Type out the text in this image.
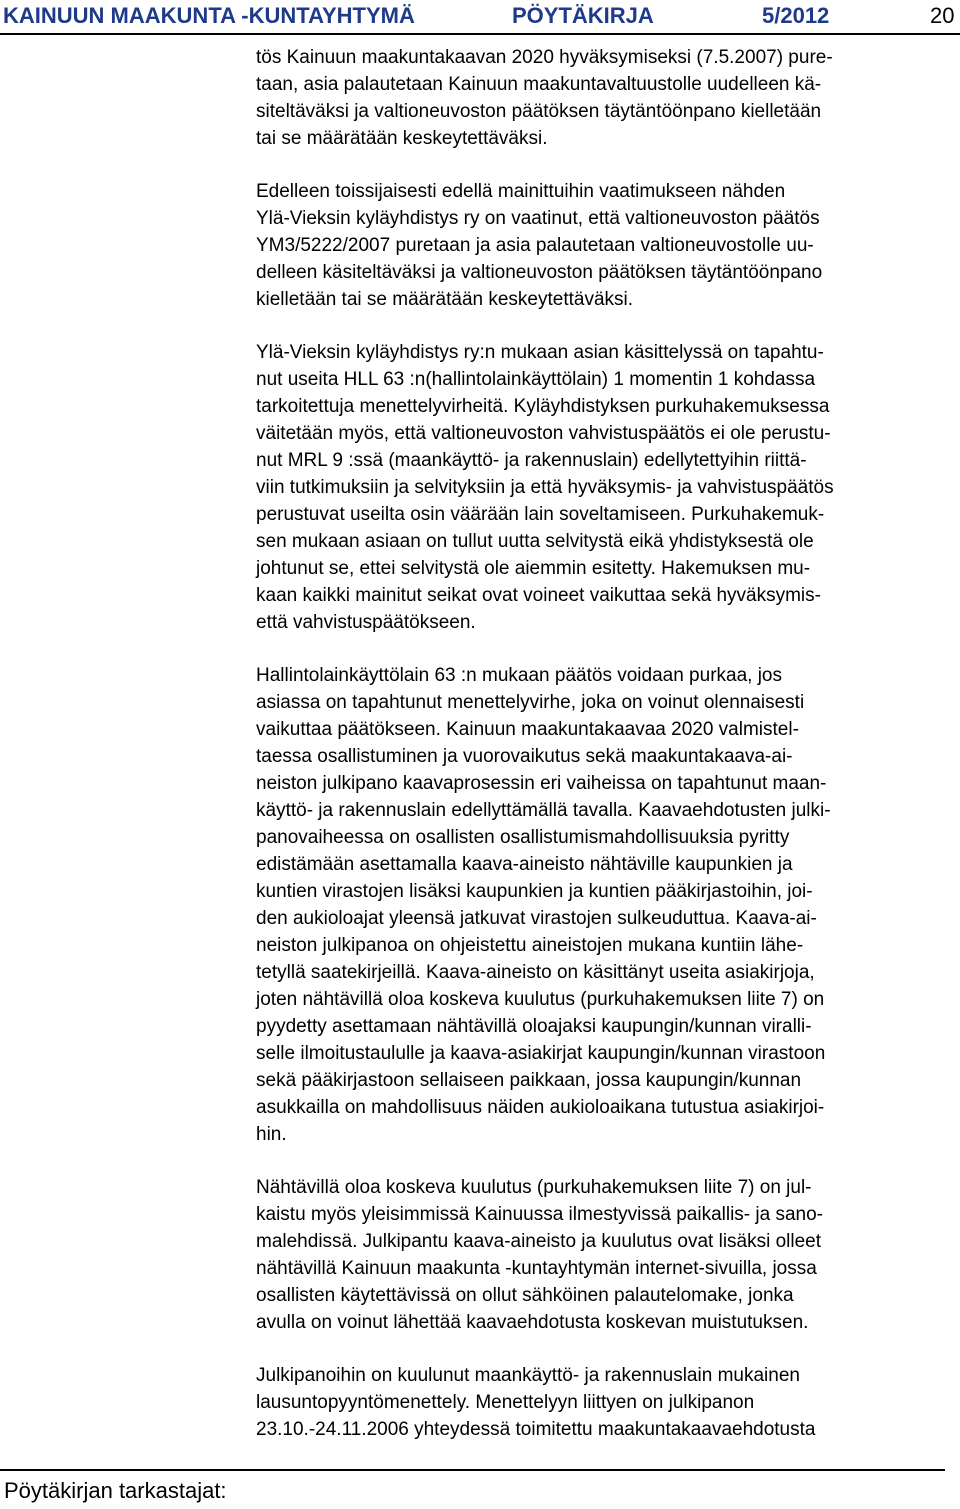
KAINUUN MAAKUNTA -KUNTAYHTYMÄ	PÖYTÄKIRJA	5/2012	20
tös Kainuun maakuntakaavan 2020 hyväksymiseksi (7.5.2007) pure-
taan, asia palautetaan Kainuun maakuntavaltuustolle uudelleen kä-
siteltäväksi ja valtioneuvoston päätöksen täytäntöönpano kielletään
tai se määrätään keskeytettäväksi.
Edelleen toissijaisesti edellä mainittuihin vaatimukseen nähden
Ylä-Vieksin kyläyhdistys ry on vaatinut, että valtioneuvoston päätös
YM3/5222/2007 puretaan ja asia palautetaan valtioneuvostolle uu-
delleen käsiteltäväksi ja valtioneuvoston päätöksen täytäntöönpano
kielletään tai se määrätään keskeytettäväksi.
Ylä-Vieksin kyläyhdistys ry:n mukaan asian käsittelyssä on tapahtu-
nut useita HLL 63 :n(hallintolainkäyttölain) 1 momentin 1 kohdassa
tarkoitettuja menettelyvirheitä. Kyläyhdistyksen purkuhakemuksessa
väitetään myös, että valtioneuvoston vahvistuspäätös ei ole perustu-
nut MRL 9 :ssä (maankäyttö- ja rakennuslain) edellytettyihin riittä-
viin tutkimuksiin ja selvityksiin ja että hyväksymis- ja vahvistuspäätös
perustuvat useilta osin väärään lain soveltamiseen. Purkuhakemuk-
sen mukaan asiaan on tullut uutta selvitystä eikä yhdistyksestä ole
johtunut se, ettei selvitystä ole aiemmin esitetty. Hakemuksen mu-
kaan kaikki mainitut seikat ovat voineet vaikuttaa sekä hyväksymis-
että vahvistuspäätökseen.
Hallintolainkäyttölain 63 :n mukaan päätös voidaan purkaa, jos
asiassa on tapahtunut menettelyvirhe, joka on voinut olennaisesti
vaikuttaa päätökseen. Kainuun maakuntakaavaa 2020 valmistel-
taessa osallistuminen ja vuorovaikutus sekä maakuntakaava-ai-
neiston julkipano kaavaprosessin eri vaiheissa on tapahtunut maan-
käyttö- ja rakennuslain edellyttämällä tavalla. Kaavaehdotusten julki-
panovaiheessa on osallisten osallistumismahdollisuuksia pyritty
edistämään asettamalla kaava-aineisto nähtäville kaupunkien ja
kuntien virastojen lisäksi kaupunkien ja kuntien pääkirjastoihin, joi-
den aukioloajat yleensä jatkuvat virastojen sulkeuduttua. Kaava-ai-
neiston julkipanoa on ohjeistettu aineistojen mukana kuntiin lähe-
tetyllä saatekirjeillä. Kaava-aineisto on käsittänyt useita asiakirjoja,
joten nähtävillä oloa koskeva kuulutus (purkuhakemuksen liite 7) on
pyydetty asettamaan nähtävillä oloajaksi kaupungin/kunnan viralli-
selle ilmoitustaululle ja kaava-asiakirjat kaupungin/kunnan virastoon
sekä pääkirjastoon sellaiseen paikkaan, jossa kaupungin/kunnan
asukkailla on mahdollisuus näiden aukioloaikana tutustua asiakirjoi-
hin.
Nähtävillä oloa koskeva kuulutus (purkuhakemuksen liite 7) on jul-
kaistu myös yleisimmissä Kainuussa ilmestyvissä paikallis- ja sano-
malehdissä. Julkipantu kaava-aineisto ja kuulutus ovat lisäksi olleet
nähtävillä Kainuun maakunta -kuntayhtymän internet-sivuilla, jossa
osallisten käytettävissä on ollut sähköinen palautelomake, jonka
avulla on voinut lähettää kaavaehdotusta koskevan muistutuksen.
Julkipanoihin on kuulunut maankäyttö- ja rakennuslain mukainen
lausuntopyyntömenettely. Menettelyyn liittyen on julkipanon
23.10.-24.11.2006 yhteydessä toimitettu maakuntakaavaehdotusta
Pöytäkirjan tarkastajat:
